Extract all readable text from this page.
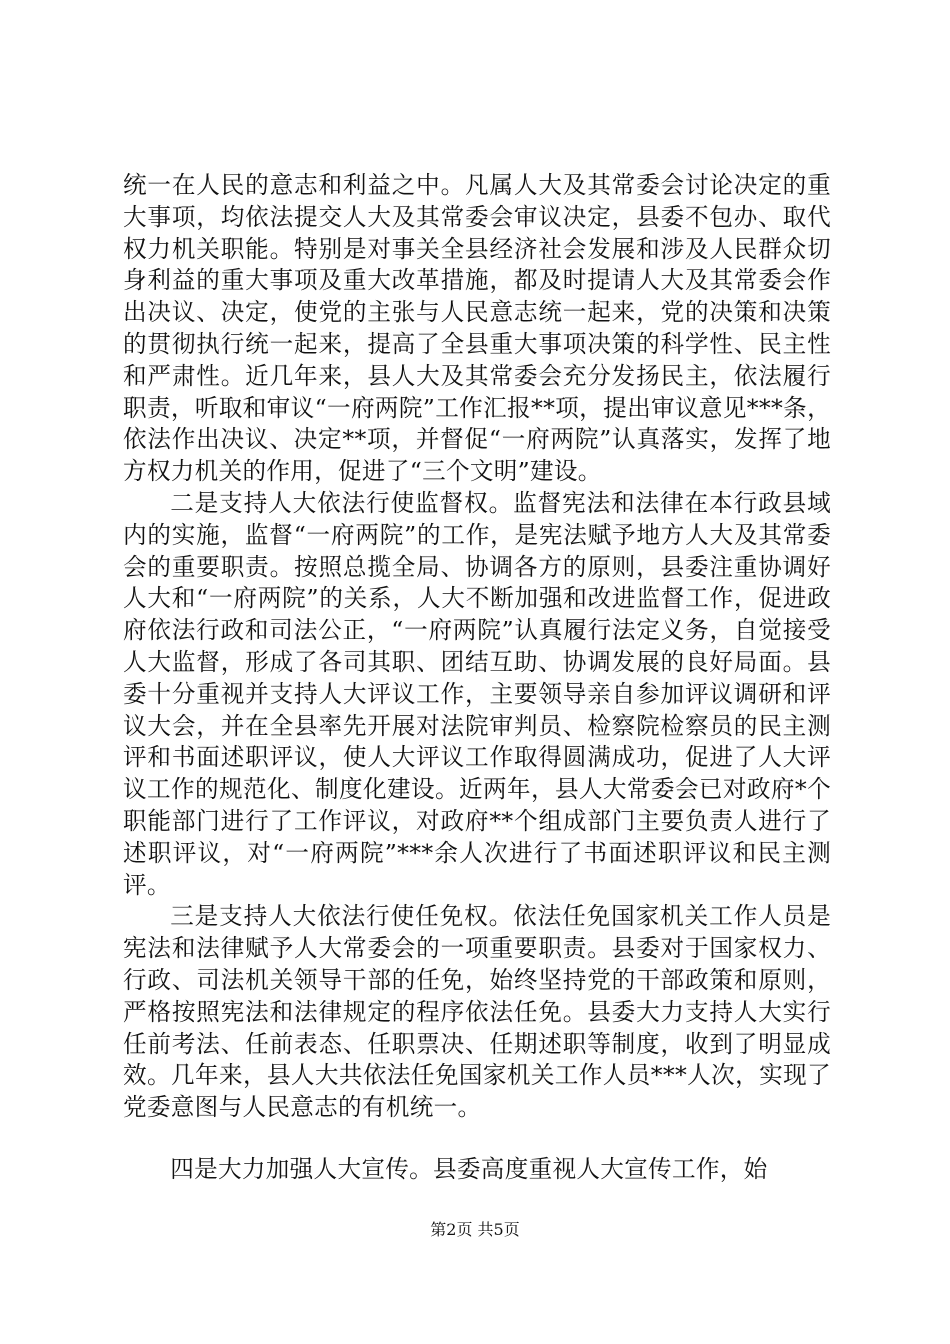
统一在人民的意志和利益之中。凡属人大及其常委会讨论决定的重大事项，均依法提交人大及其常委会审议决定，县委不包办、取代权力机关职能。特别是对事关全县经济社会发展和涉及人民群众切身利益的重大事项及重大改革措施，都及时提请人大及其常委会作出决议、决定，使党的主张与人民意志统一起来，党的决策和决策的贯彻执行统一起来，提高了全县重大事项决策的科学性、民主性和严肃性。近几年来，县人大及其常委会充分发扬民主，依法履行职责，听取和审议“一府两院”工作汇报**项，提出审议意见***条，依法作出决议、决定**项，并督促“一府两院”认真落实，发挥了地方权力机关的作用，促进了“三个文明”建设。

二是支持人大依法行使监督权。监督宪法和法律在本行政县域内的实施，监督“一府两院”的工作，是宪法赋予地方人大及其常委会的重要职责。按照总揽全局、协调各方的原则，县委注重协调好人大和“一府两院”的关系，人大不断加强和改进监督工作，促进政府依法行政和司法公正，“一府两院”认真履行法定义务，自觉接受人大监督，形成了各司其职、团结互助、协调发展的良好局面。县委十分重视并支持人大评议工作，主要领导亲自参加评议调研和评议大会，并在全县率先开展对法院审判员、检察院检察员的民主测评和书面述职评议，使人大评议工作取得圆满成功，促进了人大评议工作的规范化、制度化建设。近两年，县人大常委会已对政府*个职能部门进行了工作评议，对政府**个组成部门主要负责人进行了述职评议，对“一府两院”***余人次进行了书面述职评议和民主测评。

三是支持人大依法行使任免权。依法任免国家机关工作人员是宪法和法律赋予人大常委会的一项重要职责。县委对于国家权力、行政、司法机关领导干部的任免，始终坚持党的干部政策和原则，严格按照宪法和法律规定的程序依法任免。县委大力支持人大实行任前考法、任前表态、任职票决、任期述职等制度，收到了明显成效。几年来，县人大共依法任免国家机关工作人员***人次，实现了党委意图与人民意志的有机统一。

四是大力加强人大宣传。县委高度重视人大宣传工作，始

第2页 共5页
